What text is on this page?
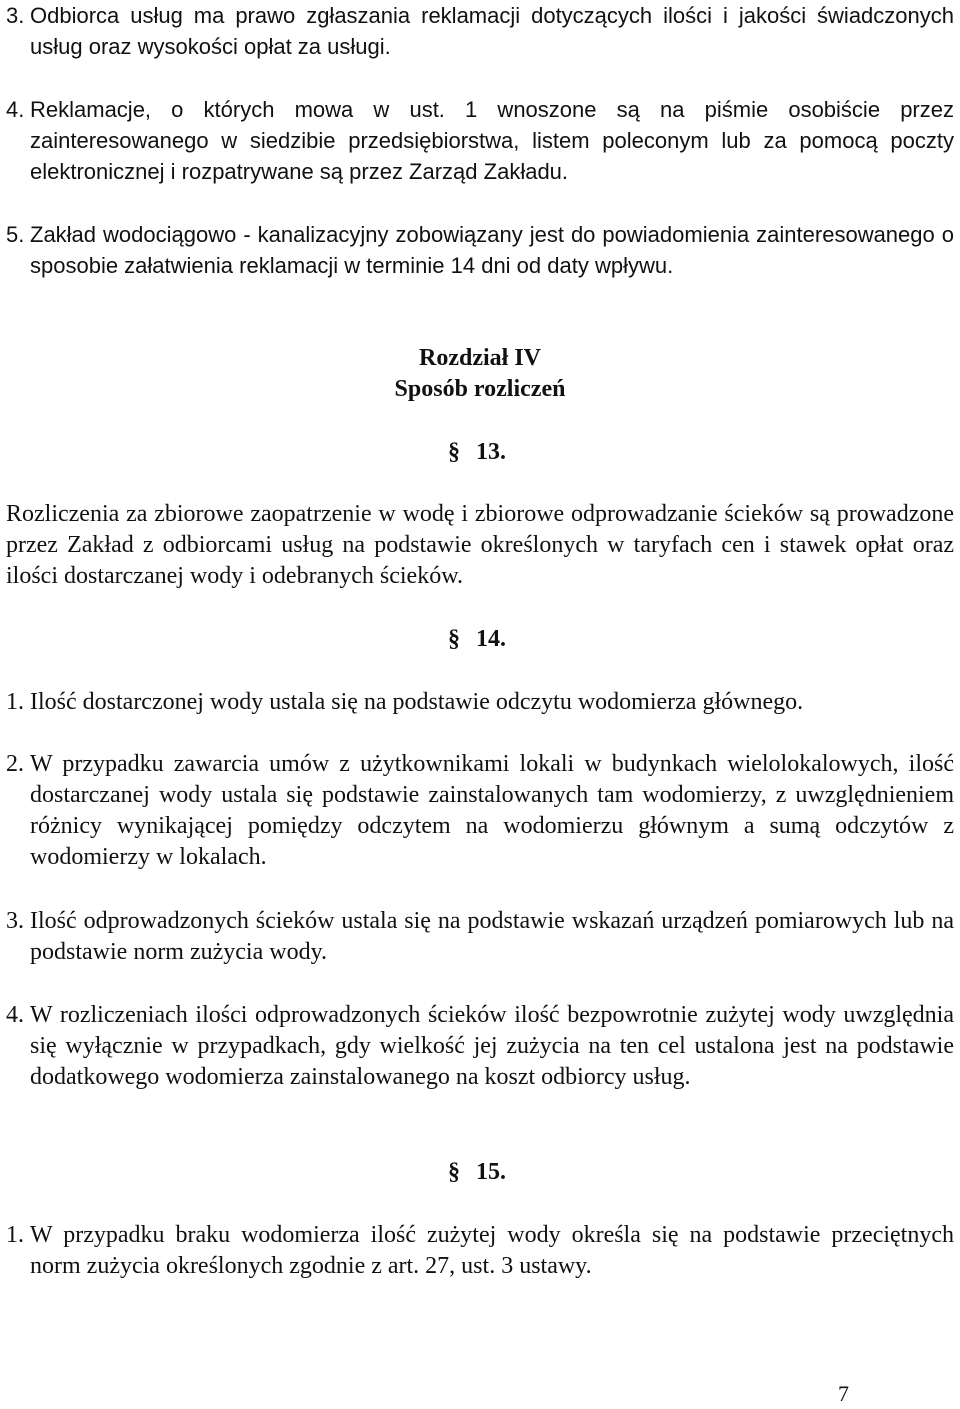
3. Odbiorca usług ma prawo zgłaszania reklamacji dotyczących ilości i jakości świadczonych usług oraz wysokości opłat za usługi.
4. Reklamacje, o których mowa w ust. 1 wnoszone są na piśmie osobiście przez zainteresowanego w siedzibie przedsiębiorstwa, listem poleconym lub za pomocą poczty elektronicznej i rozpatrywane są przez Zarząd Zakładu.
5. Zakład wodociągowo - kanalizacyjny zobowiązany jest do powiadomienia zainteresowanego o sposobie załatwienia reklamacji w terminie 14 dni od daty wpływu.
Rozdział IV
Sposób rozliczeń
§ 13.
Rozliczenia za zbiorowe zaopatrzenie w wodę i zbiorowe odprowadzanie ścieków są prowadzone przez Zakład z odbiorcami usług na podstawie określonych w taryfach cen i stawek opłat oraz ilości dostarczanej wody i odebranych ścieków.
§ 14.
1. Ilość dostarczonej wody ustala się na podstawie odczytu wodomierza głównego.
2. W przypadku zawarcia umów z użytkownikami lokali w budynkach wielolokalowych, ilość dostarczanej wody ustala się podstawie zainstalowanych tam wodomierzy, z uwzględnieniem różnicy wynikającej pomiędzy odczytem na wodomierzu głównym a sumą odczytów z wodomierzy w lokalach.
3. Ilość odprowadzonych ścieków ustala się na podstawie wskazań urządzeń pomiarowych lub na podstawie norm zużycia wody.
4. W rozliczeniach ilości odprowadzonych ścieków ilość bezpowrotnie zużytej wody uwzględnia się wyłącznie w przypadkach, gdy wielkość jej zużycia na ten cel ustalona jest na podstawie dodatkowego wodomierza zainstalowanego na koszt odbiorcy usług.
§ 15.
1. W przypadku braku wodomierza ilość zużytej wody określa się na podstawie przeciętnych norm zużycia określonych zgodnie z art. 27, ust. 3 ustawy.
7
